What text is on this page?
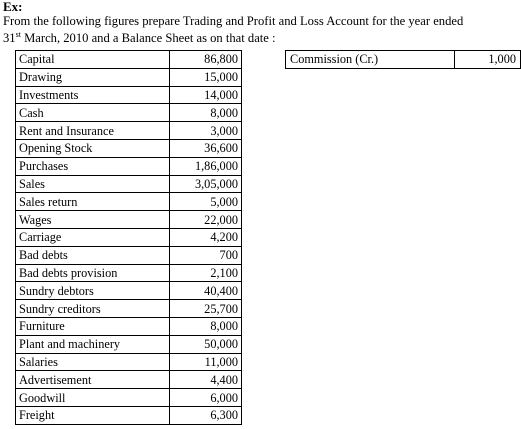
Ex:
From the following figures prepare Trading and Profit and Loss Account for the year ended
31st March, 2010 and a Balance Sheet as on that date :
Capital	86,800
Drawing	15,000
Investments	14,000
Cash	8,000
Rent and Insurance	3,000
Opening Stock	36,600
Purchases	1,86,000
Sales	3,05,000
Sales return	5,000
Wages	22,000
Carriage	4,200
Bad debts	700
Bad debts provision	2,100
Sundry debtors	40,400
Sundry creditors	25,700
Furniture	8,000
Plant and machinery	50,000
Salaries	11,000
Advertisement	4,400
Goodwill	6,000
Freight	6,300
Commission (Cr.)	1,000
